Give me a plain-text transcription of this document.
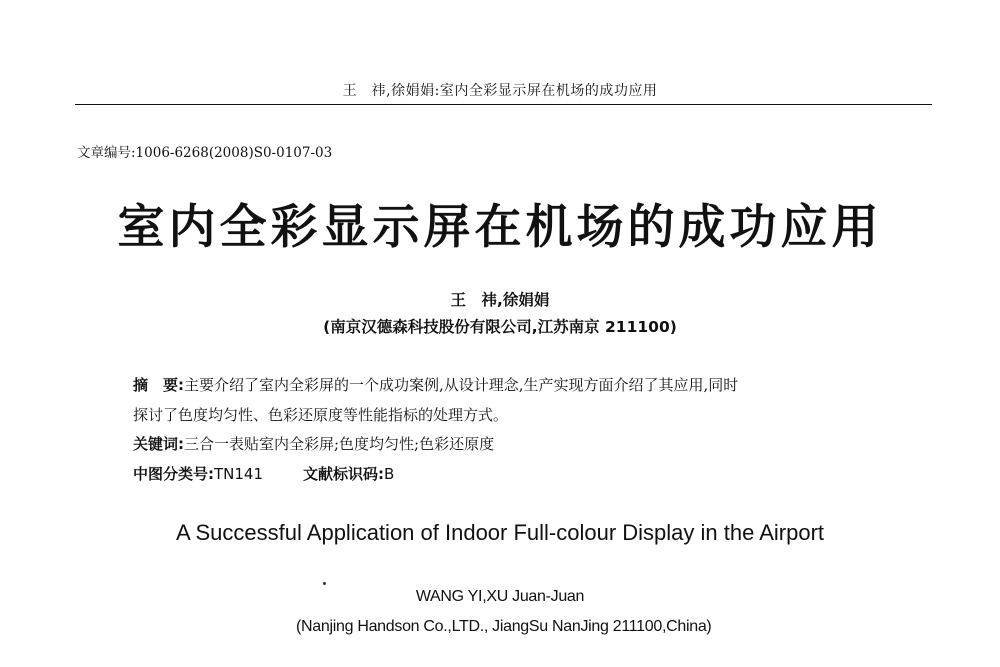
王　祎,徐娟娟:室内全彩显示屏在机场的成功应用
文章编号:1006-6268(2008)S0-0107-03
室内全彩显示屏在机场的成功应用
王　祎,徐娟娟
(南京汉德森科技股份有限公司,江苏南京 211100)
摘　要:主要介绍了室内全彩屏的一个成功案例,从设计理念,生产实现方面介绍了其应用,同时
探讨了色度均匀性、色彩还原度等性能指标的处理方式。
关键词:三合一表贴室内全彩屏;色度均匀性;色彩还原度
中图分类号:TN141	文献标识码:B
A Successful Application of Indoor Full-colour Display in the Airport
WANG YI,XU Juan-Juan
(Nanjing Handson Co.,LTD., JiangSu NanJing 211100,China)
